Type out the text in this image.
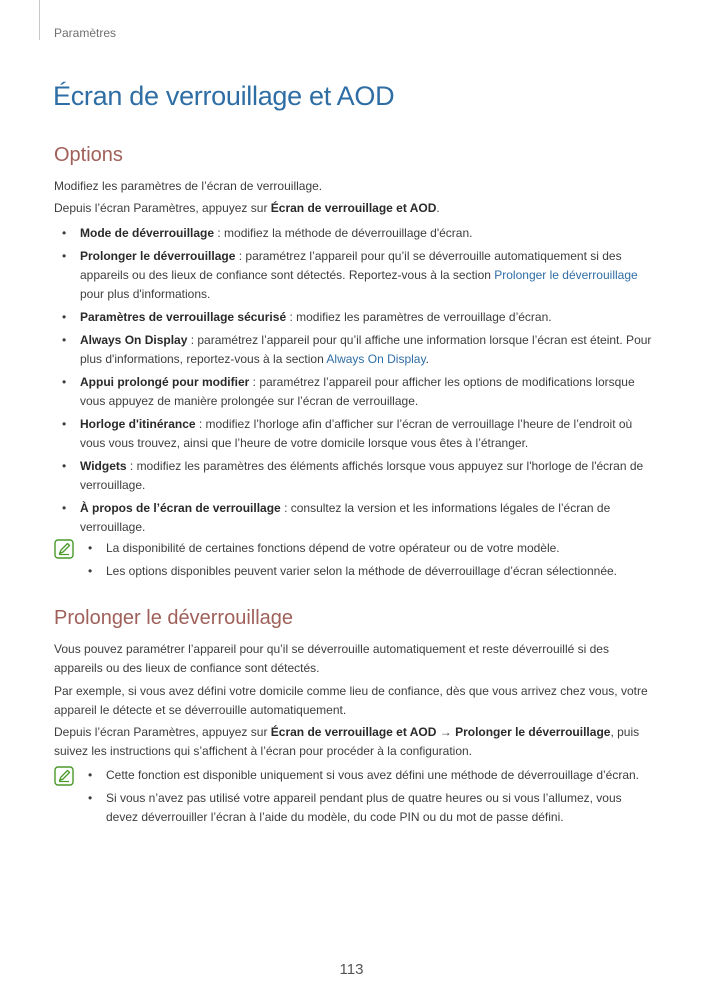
Paramètres
Écran de verrouillage et AOD
Options

Modifiez les paramètres de l’écran de verrouillage.

Depuis l’écran Paramètres, appuyez sur Écran de verrouillage et AOD.

• Mode de déverrouillage : modifiez la méthode de déverrouillage d'écran.
• Prolonger le déverrouillage : paramétrez l’appareil pour qu’il se déverrouille automatiquement si des appareils ou des lieux de confiance sont détectés. Reportez-vous à la section Prolonger le déverrouillage pour plus d'informations.
• Paramètres de verrouillage sécurisé : modifiez les paramètres de verrouillage d’écran.
• Always On Display : paramétrez l’appareil pour qu’il affiche une information lorsque l’écran est éteint. Pour plus d'informations, reportez-vous à la section Always On Display.
• Appui prolongé pour modifier : paramétrez l’appareil pour afficher les options de modifications lorsque vous appuyez de manière prolongée sur l’écran de verrouillage.
• Horloge d'itinérance : modifiez l’horloge afin d’afficher sur l’écran de verrouillage l’heure de l’endroit où vous vous trouvez, ainsi que l’heure de votre domicile lorsque vous êtes à l’étranger.
• Widgets : modifiez les paramètres des éléments affichés lorsque vous appuyez sur l'horloge de l'écran de verrouillage.
• À propos de l’écran de verrouillage : consultez la version et les informations légales de l’écran de verrouillage.
• La disponibilité de certaines fonctions dépend de votre opérateur ou de votre modèle.
• Les options disponibles peuvent varier selon la méthode de déverrouillage d’écran sélectionnée.
Prolonger le déverrouillage

Vous pouvez paramétrer l’appareil pour qu’il se déverrouille automatiquement et reste déverrouillé si des appareils ou des lieux de confiance sont détectés.

Par exemple, si vous avez défini votre domicile comme lieu de confiance, dès que vous arrivez chez vous, votre appareil le détecte et se déverrouille automatiquement.

Depuis l’écran Paramètres, appuyez sur Écran de verrouillage et AOD → Prolonger le déverrouillage, puis suivez les instructions qui s’affichent à l’écran pour procéder à la configuration.

• Cette fonction est disponible uniquement si vous avez défini une méthode de déverrouillage d’écran.
• Si vous n’avez pas utilisé votre appareil pendant plus de quatre heures ou si vous l’allumez, vous devez déverrouiller l’écran à l’aide du modèle, du code PIN ou du mot de passe défini.
113
